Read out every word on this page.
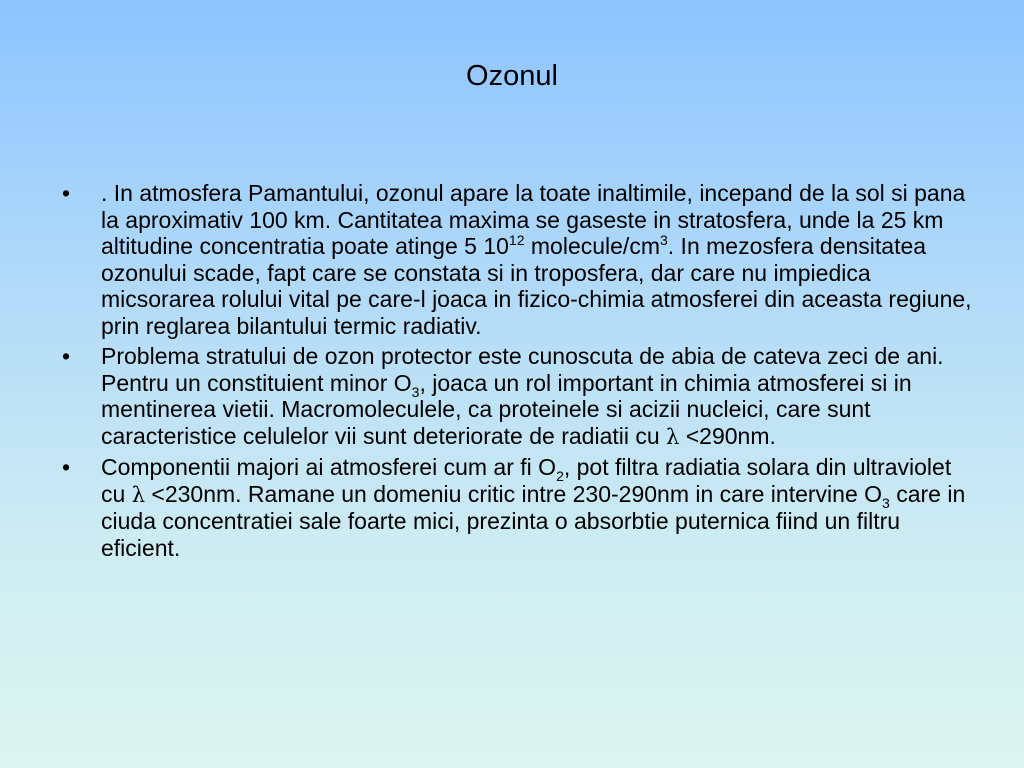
Ozonul
• . In atmosfera Pamantului, ozonul apare la toate inaltimile, incepand de la sol si pana la aproximativ 100 km. Cantitatea maxima se gaseste in stratosfera, unde la 25 km altitudine concentratia poate atinge 5 $10^{12}$ molecule/$cm^3$. In mezosfera densitatea ozonului scade, fapt care se constata si in troposfera, dar care nu impiedica micsorarea rolului vital pe care-l joaca in fizico-chimia atmosferei din aceasta regiune, prin reglarea bilantului termic radiativ.
• Problema stratului de ozon protector este cunoscuta de abia de cateva zeci de ani. Pentru un constituient minor $O_3$, joaca un rol important in chimia atmosferei si in mentinerea vietii. Macromoleculele, ca proteinele si acizii nucleici, care sunt caracteristice celulelor vii sunt deteriorate de radiatii cu λ <290nm.
• Componentii majori ai atmosferei cum ar fi $O_2$, pot filtra radiatia solara din ultraviolet cu λ <230nm. Ramane un domeniu critic intre 230-290nm in care intervine $O_3$ care in ciuda concentratiei sale foarte mici, prezinta o absorbtie puternica fiind un filtru eficient.
